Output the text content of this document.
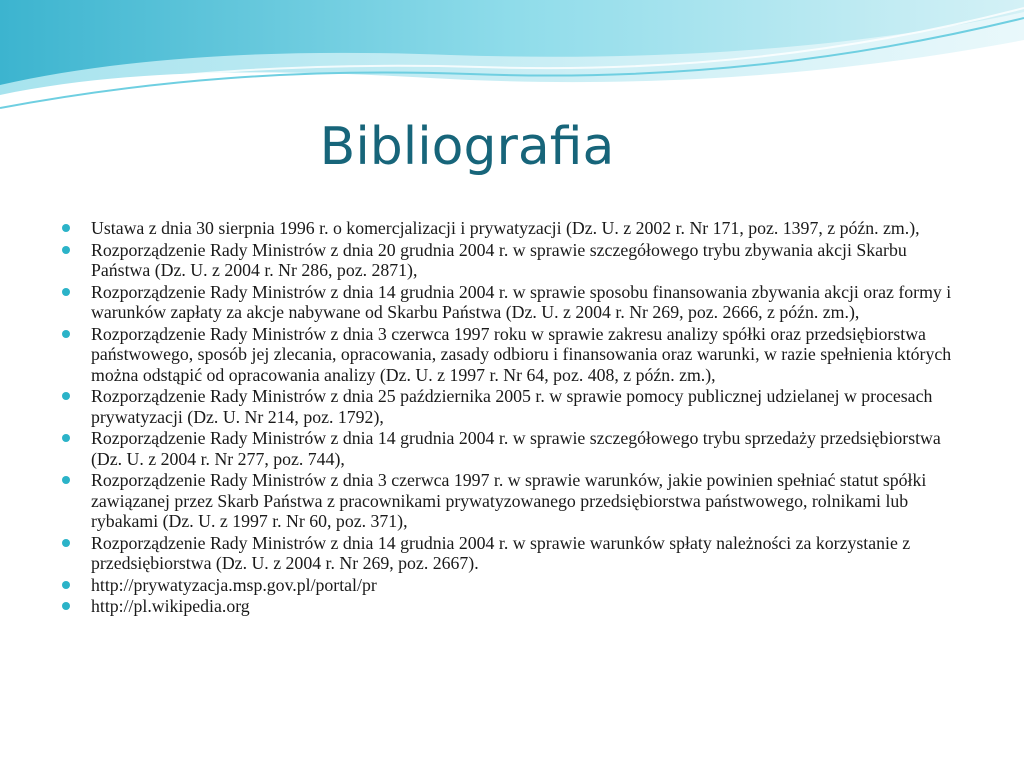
Bibliografia
Ustawa z dnia 30 sierpnia 1996 r. o komercjalizacji i prywatyzacji (Dz. U. z 2002 r. Nr 171, poz. 1397, z późn. zm.),
Rozporządzenie Rady Ministrów z dnia 20 grudnia 2004 r. w sprawie szczegółowego trybu zbywania akcji Skarbu Państwa (Dz. U. z 2004 r. Nr 286, poz. 2871),
Rozporządzenie Rady Ministrów z dnia 14 grudnia 2004 r. w sprawie sposobu finansowania zbywania akcji oraz formy i warunków zapłaty za akcje nabywane od Skarbu Państwa (Dz. U. z 2004 r. Nr 269, poz. 2666, z późn. zm.),
Rozporządzenie Rady Ministrów z dnia 3 czerwca 1997 roku w sprawie zakresu analizy spółki oraz przedsiębiorstwa państwowego, sposób jej zlecania, opracowania, zasady odbioru i finansowania oraz warunki, w razie spełnienia których można odstąpić od opracowania analizy (Dz. U. z 1997 r. Nr 64, poz. 408, z późn. zm.),
Rozporządzenie Rady Ministrów z dnia 25 października 2005 r. w sprawie pomocy publicznej udzielanej w procesach prywatyzacji (Dz. U. Nr 214, poz. 1792),
Rozporządzenie Rady Ministrów z dnia 14 grudnia 2004 r. w sprawie szczegółowego trybu sprzedaży przedsiębiorstwa (Dz. U. z 2004 r. Nr 277, poz. 744),
Rozporządzenie Rady Ministrów z dnia 3 czerwca 1997 r. w sprawie warunków, jakie powinien spełniać statut spółki zawiązanej przez Skarb Państwa z pracownikami prywatyzowanego przedsiębiorstwa państwowego, rolnikami lub rybakami (Dz. U. z 1997 r. Nr 60, poz. 371),
Rozporządzenie Rady Ministrów z dnia 14 grudnia 2004 r. w sprawie warunków spłaty należności za korzystanie z przedsiębiorstwa (Dz. U. z 2004 r. Nr 269, poz. 2667).
http://prywatyzacja.msp.gov.pl/portal/pr
http://pl.wikipedia.org
